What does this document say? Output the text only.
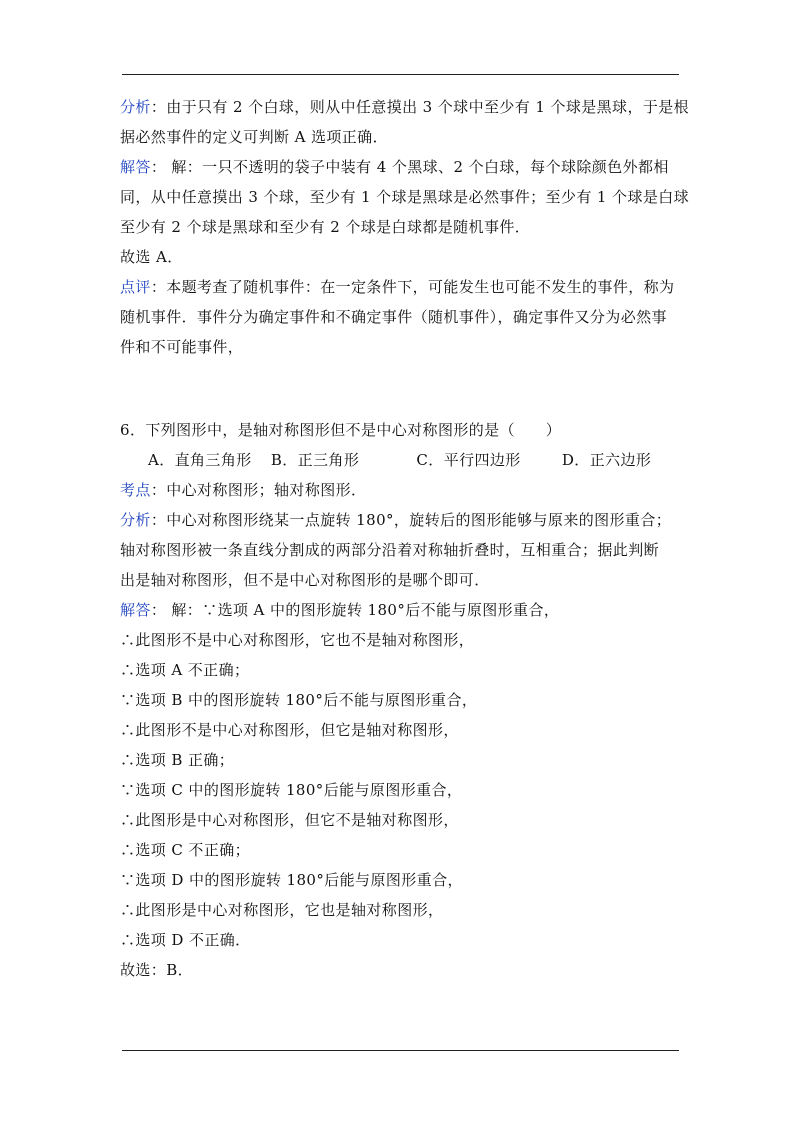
分析：由于只有 2 个白球，则从中任意摸出 3 个球中至少有 1 个球是黑球，于是根
据必然事件的定义可判断 A 选项正确．
解答： 解：一只不透明的袋子中装有 4 个黑球、2 个白球，每个球除颜色外都相
同，从中任意摸出 3 个球，至少有 1 个球是黑球是必然事件；至少有 1 个球是白球
至少有 2 个球是黑球和至少有 2 个球是白球都是随机事件．
故选 A．
点评：本题考查了随机事件：在一定条件下，可能发生也可能不发生的事件，称为
随机事件．事件分为确定事件和不确定事件（随机事件），确定事件又分为必然事
件和不可能事件，
6．下列图形中，是轴对称图形但不是中心对称图形的是（　　）
A．直角三角形 B．正三角形	C．平行四边形	D．正六边形
考点：中心对称图形；轴对称图形．
分析：中心对称图形绕某一点旋转 180°，旋转后的图形能够与原来的图形重合；
轴对称图形被一条直线分割成的两部分沿着对称轴折叠时，互相重合；据此判断
出是轴对称图形，但不是中心对称图形的是哪个即可．
解答： 解：∵选项 A 中的图形旋转 180°后不能与原图形重合，
∴此图形不是中心对称图形，它也不是轴对称图形，
∴选项 A 不正确；
∵选项 B 中的图形旋转 180°后不能与原图形重合，
∴此图形不是中心对称图形，但它是轴对称图形，
∴选项 B 正确；
∵选项 C 中的图形旋转 180°后能与原图形重合，
∴此图形是中心对称图形，但它不是轴对称图形，
∴选项 C 不正确；
∵选项 D 中的图形旋转 180°后能与原图形重合，
∴此图形是中心对称图形，它也是轴对称图形，
∴选项 D 不正确．
故选：B．
